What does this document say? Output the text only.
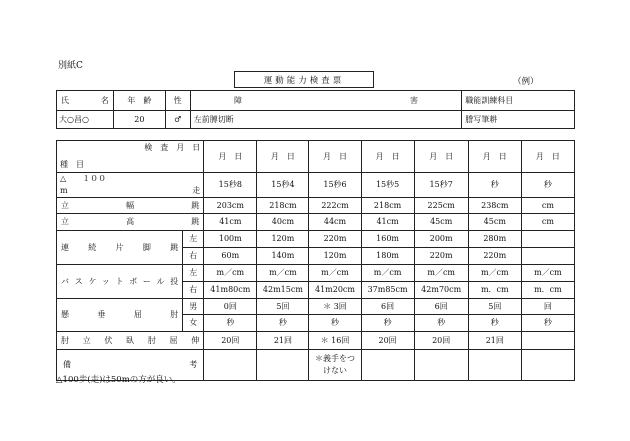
別紙C
運動能力検査票	（例）
氏　　名	年　齢	性	障　　　　　　　　　　　　　　　　　　　　　害	職能訓練科目
大○昌○	20	♂	左前膊切断	謄写筆耕
検　査　月　日
種　目		月　日	月　日	月　日	月　日	月　日	月　日	月　日

△　　１００
m 走		15秒8	15秒4	15秒6	15秒5	15秒7	秒	秒
立幅跳		203cm	218cm	222cm	218cm	225cm	238cm	cm
立高跳		41cm	40cm	44cm	41cm	45cm	45cm	cm
連続片脚跳	左	100m	120m	220m	160m	200m	280m	
	右	60m	140m	120m	180m	220m	220m	
バスケットボール投	左	m／cm	m／cm	m／cm	m／cm	m／cm	m／cm	m／cm
	右	41m80cm	42m15cm	41m20cm	37m85cm	42m70cm	m．cm	m．cm
懸垂屈肘	男	0回	5回	＊ 3回	6回	6回	5回	回
	女	秒	秒	秒	秒	秒	秒	秒
肘立伏臥肘屈伸		20回	21回	＊ 16回	20回	20回	21回	
備　　　　　　　　考				＊義手をつ
けない				

△100歩(走)は50mの方が良い。
